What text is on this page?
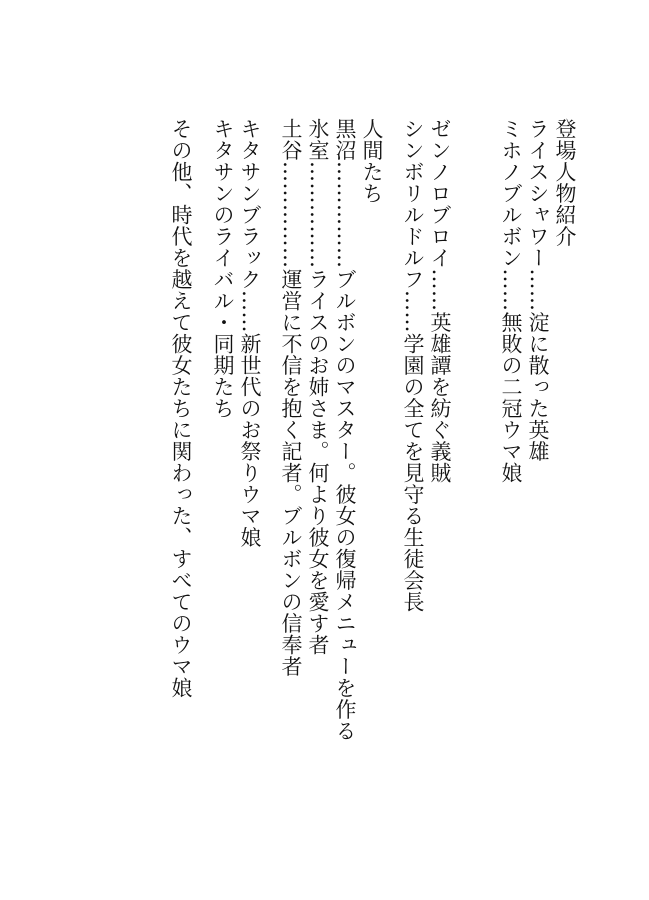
登場人物紹介
ライスシャワー……淀に散った英雄
ミホノブルボン……無敗の二冠ウマ娘
ゼンノロブロイ……英雄譚を紡ぐ義賊
シンボリルドルフ……学園の全てを見守る生徒会長
人間たち
黒沼……………ブルボンのマスター。彼女の復帰メニューを作る
氷室……………ライスのお姉さま。何より彼女を愛す者
土谷……………運営に不信を抱く記者。ブルボンの信奉者
キタサンブラック……新世代のお祭りウマ娘
キタサンのライバル・同期たち
その他、時代を越えて彼女たちに関わった、すべてのウマ娘
